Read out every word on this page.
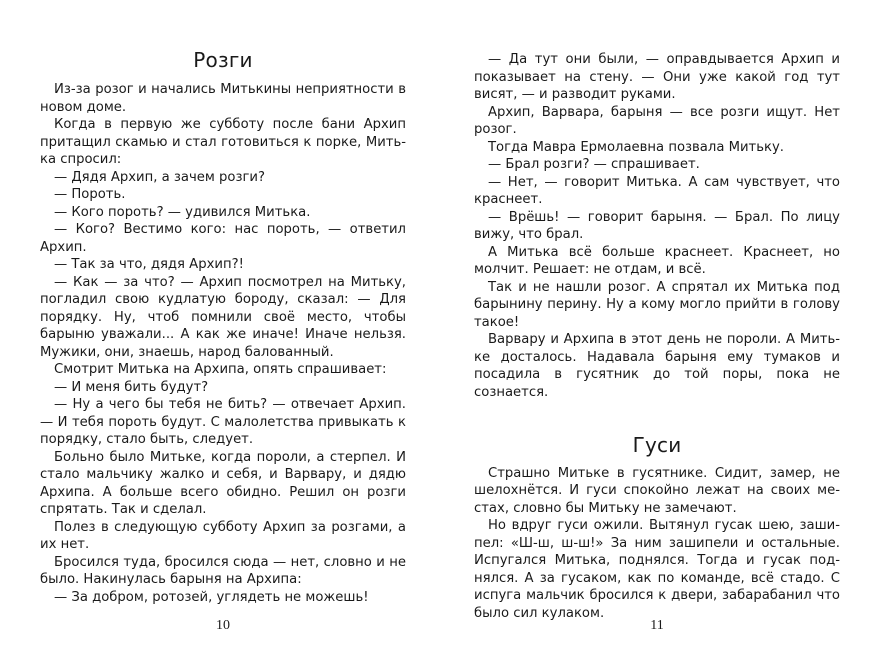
Розги

Из-за розог и начались Митькины неприятности в новом доме.

Когда в первую же субботу после бани Архип притащил скамью и стал готовиться к порке, Митька спросил:

— Дядя Архип, а зачем розги?

— Пороть.

— Кого пороть? — удивился Митька.

— Кого? Вестимо кого: нас пороть, — ответил Архип.

— Так за что, дядя Архип?!

— Как — за что? — Архип посмотрел на Митьку, погладил свою кудлатую бороду, сказал: — Для порядку. Ну, чтоб помнили своё место, чтобы барыню уважали... А как же иначе! Иначе нельзя. Мужики, они, знаешь, народ балованный.

Смотрит Митька на Архипа, опять спрашивает:

— И меня бить будут?

— Ну а чего бы тебя не бить? — отвечает Архип. — И тебя пороть будут. С малолетства привыкать к порядку, стало быть, следует.

Больно было Митьке, когда пороли, а стерпел. И стало мальчику жалко и себя, и Варвару, и дядю Архипа. А больше всего обидно. Решил он розги спрятать. Так и сделал.

Полез в следующую субботу Архип за розгами, а их нет.

Бросился туда, бросился сюда — нет, словно и не было. Накинулась барыня на Архипа:

— За добром, ротозей, углядеть не можешь!

10

— Да тут они были, — оправдывается Архип и показывает на стену. — Они уже какой год тут висят, — и разводит руками.

Архип, Варвара, барыня — все розги ищут. Нет розог.

Тогда Мавра Ермолаевна позвала Митьку.

— Брал розги? — спрашивает.

— Нет, — говорит Митька. А сам чувствует, что краснеет.

— Врёшь! — говорит барыня. — Брал. По лицу вижу, что брал.

А Митька всё больше краснеет. Краснеет, но молчит. Решает: не отдам, и всё.

Так и не нашли розог. А спрятал их Митька под барынину перину. Ну а кому могло прийти в голову такое!

Варвару и Архипа в этот день не пороли. А Митьке досталось. Надавала барыня ему тумаков и посадила в гусятник до той поры, пока не сознается.

Гуси

Страшно Митьке в гусятнике. Сидит, замер, не шелохнётся. И гуси спокойно лежат на своих местах, словно бы Митьку не замечают.

Но вдруг гуси ожили. Вытянул гусак шею, зашипел: «Ш-ш, ш-ш!» За ним зашипели и остальные. Испугался Митька, поднялся. Тогда и гусак поднялся. А за гусаком, как по команде, всё стадо. С испуга мальчик бросился к двери, забарабанил что было сил кулаком.

11
